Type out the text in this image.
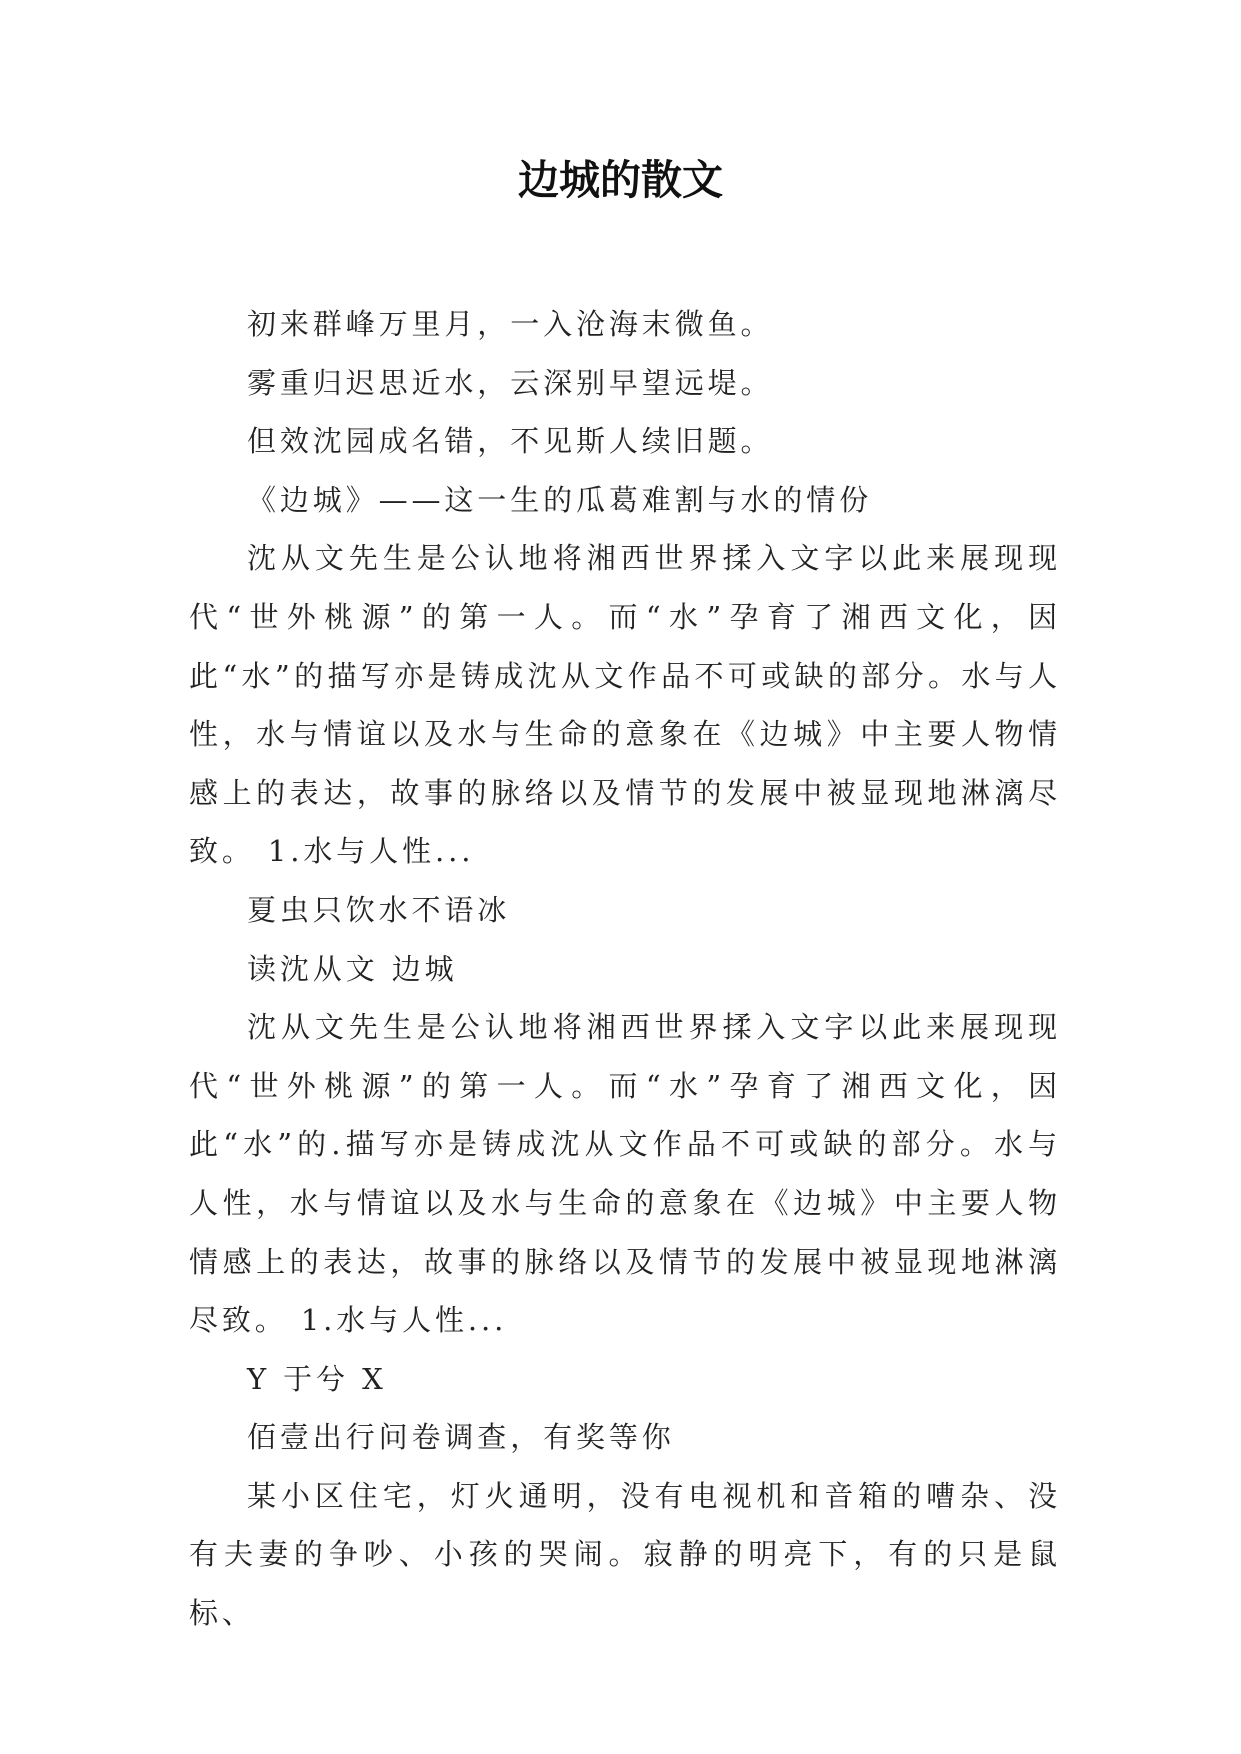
边城的散文

初来群峰万里月，一入沧海末微鱼。

雾重归迟思近水，云深别早望远堤。

但效沈园成名错，不见斯人续旧题。

《边城》——这一生的瓜葛难割与水的情份

沈从文先生是公认地将湘西世界揉入文字以此来展现现代“世外桃源”的第一人。而“水”孕育了湘西文化，因此“水”的描写亦是铸成沈从文作品不可或缺的部分。水与人性，水与情谊以及水与生命的意象在《边城》中主要人物情感上的表达，故事的脉络以及情节的发展中被显现地淋漓尽致。 1.水与人性...

夏虫只饮水不语冰

读沈从文 边城

沈从文先生是公认地将湘西世界揉入文字以此来展现现代“世外桃源”的第一人。而“水”孕育了湘西文化，因此“水”的.描写亦是铸成沈从文作品不可或缺的部分。水与人性，水与情谊以及水与生命的意象在《边城》中主要人物情感上的表达，故事的脉络以及情节的发展中被显现地淋漓尽致。 1.水与人性...

Y 于兮 X

佰壹出行问卷调查，有奖等你

某小区住宅，灯火通明，没有电视机和音箱的嘈杂、没有夫妻的争吵、小孩的哭闹。寂静的明亮下，有的只是鼠标、
